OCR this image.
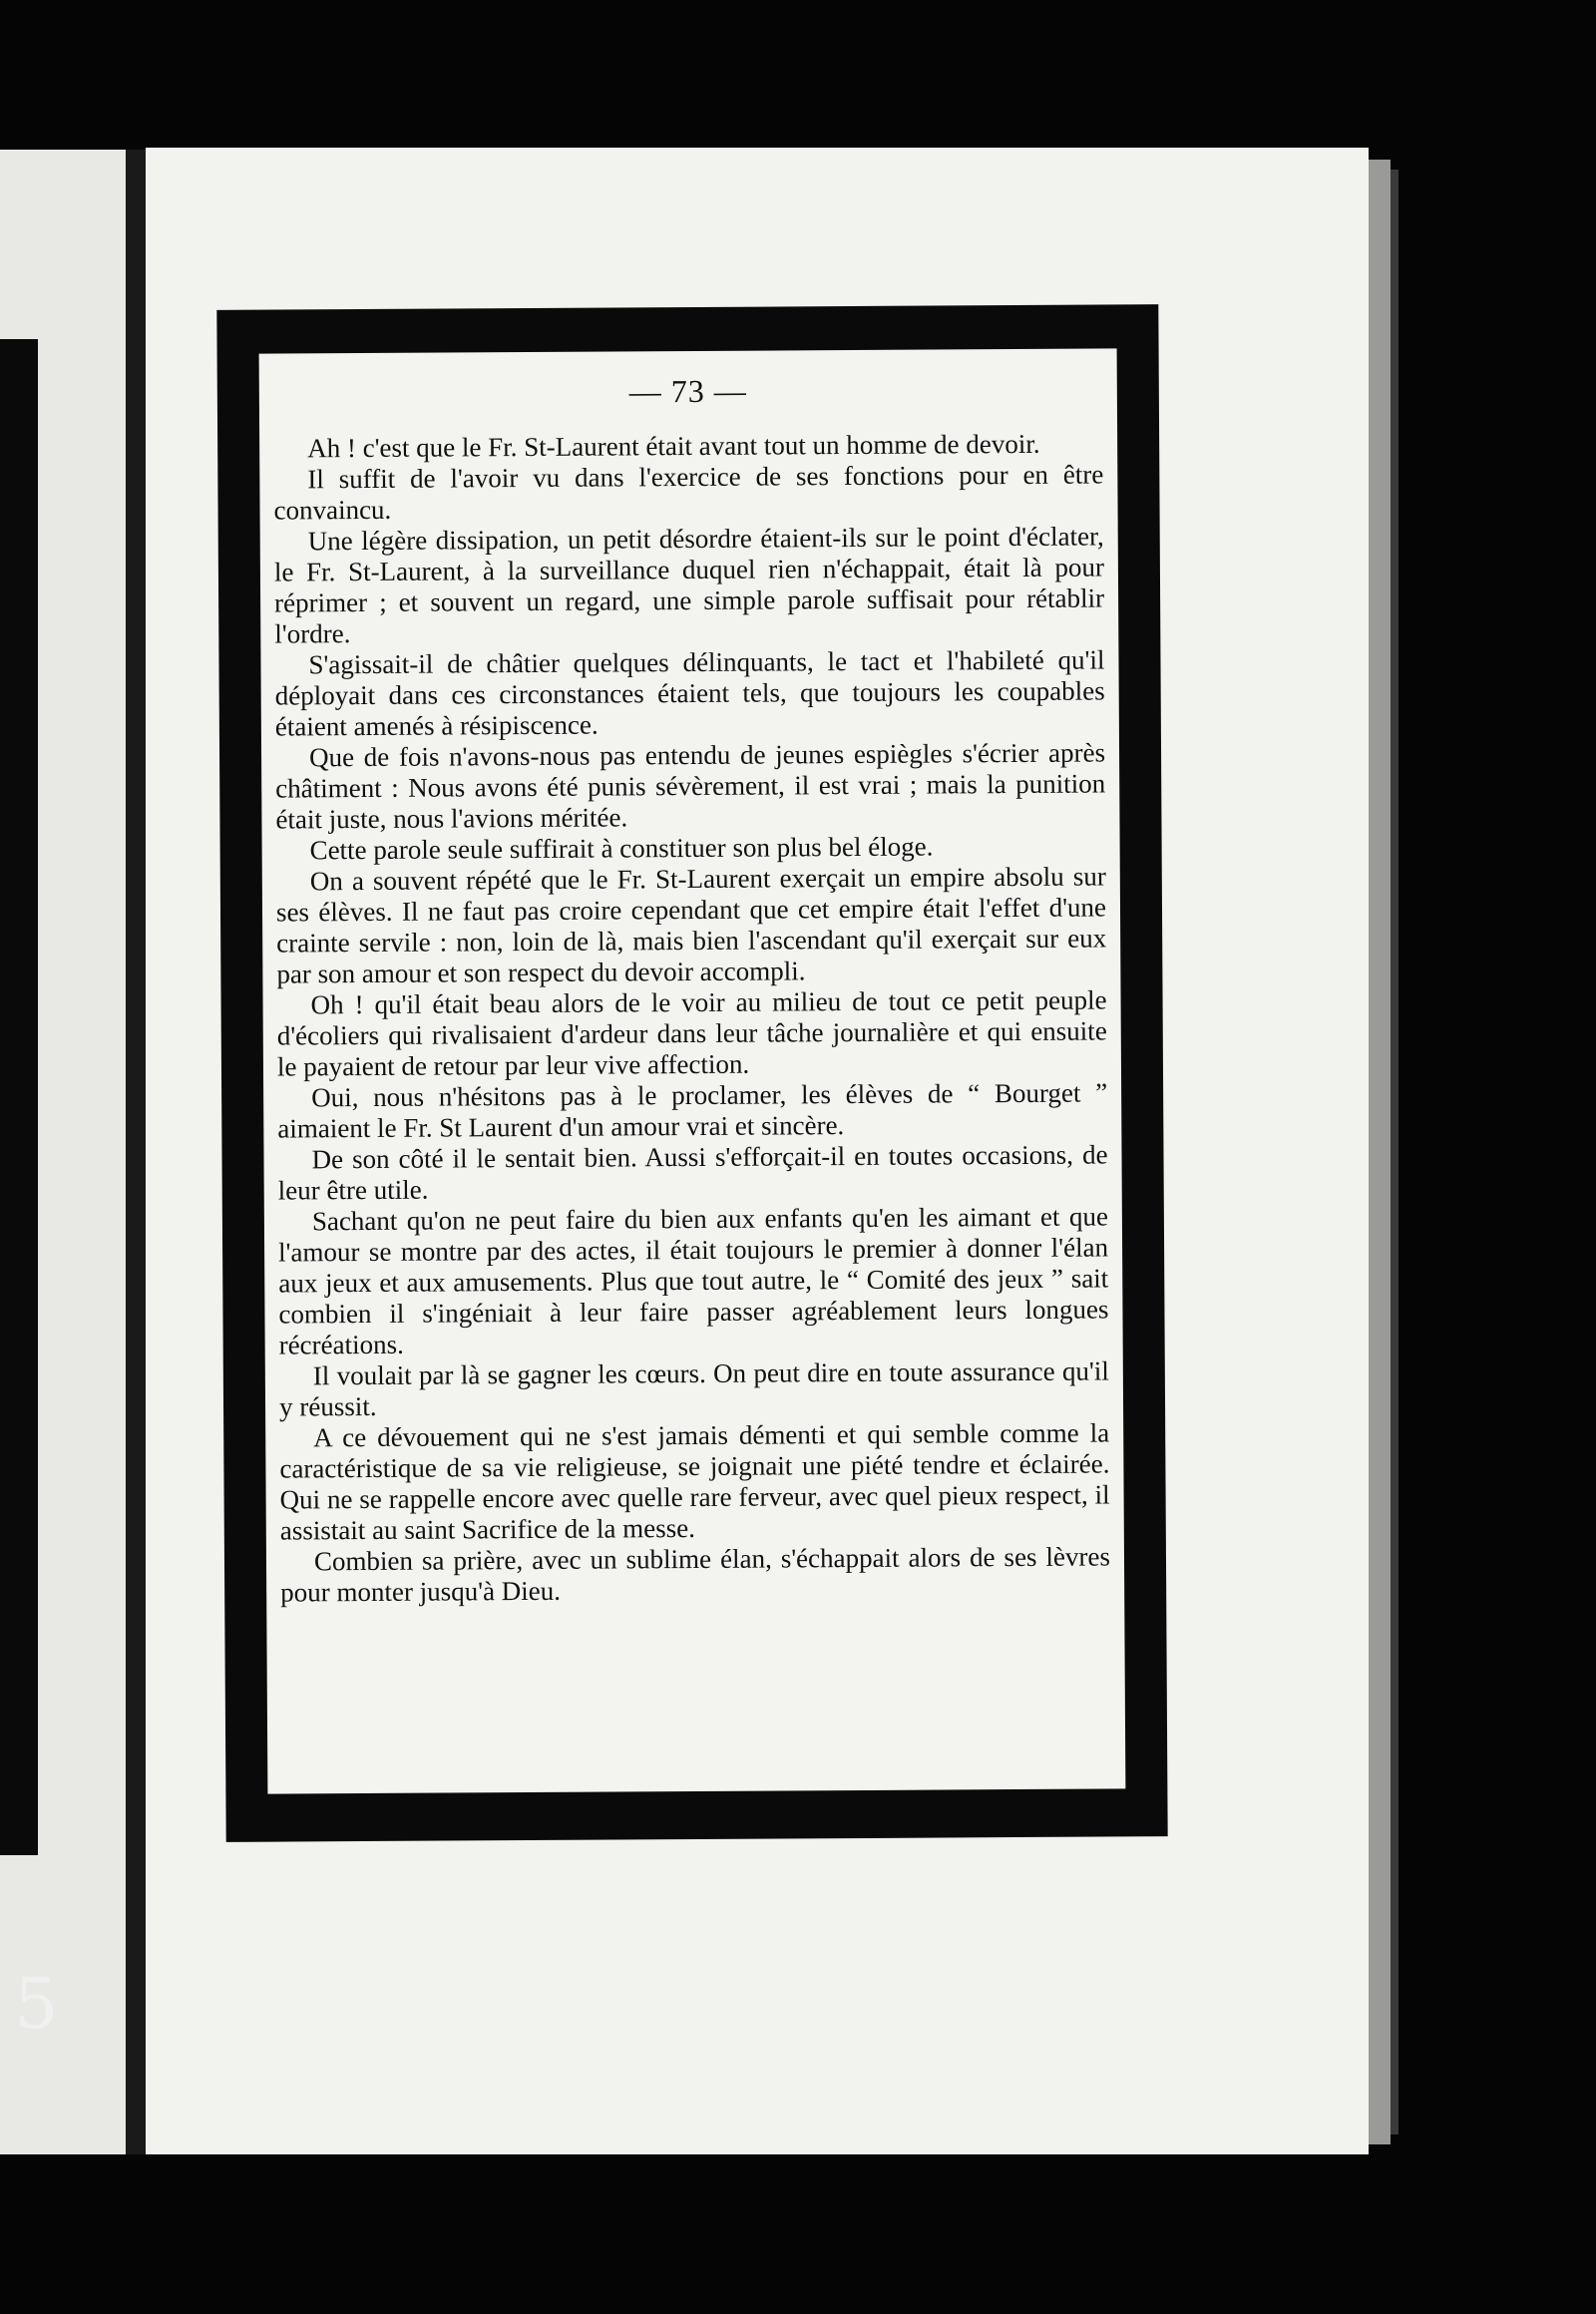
— 73 —

Ah ! c'est que le Fr. St-Laurent était avant tout un homme de devoir.

Il suffit de l'avoir vu dans l'exercice de ses fonctions pour en être convaincu.

Une légère dissipation, un petit désordre étaient-ils sur le point d'éclater, le Fr. St-Laurent, à la surveillance duquel rien n'échappait, était là pour réprimer ; et souvent un regard, une simple parole suffisait pour rétablir l'ordre.

S'agissait-il de châtier quelques délinquants, le tact et l'habileté qu'il déployait dans ces circonstances étaient tels, que toujours les coupables étaient amenés à résipiscence.

Que de fois n'avons-nous pas entendu de jeunes espiègles s'écrier après châtiment : Nous avons été punis sévèrement, il est vrai ; mais la punition était juste, nous l'avions méritée.

Cette parole seule suffirait à constituer son plus bel éloge.

On a souvent répété que le Fr. St-Laurent exerçait un empire absolu sur ses élèves. Il ne faut pas croire cependant que cet empire était l'effet d'une crainte servile : non, loin de là, mais bien l'ascendant qu'il exerçait sur eux par son amour et son respect du devoir accompli.

Oh ! qu'il était beau alors de le voir au milieu de tout ce petit peuple d'écoliers qui rivalisaient d'ardeur dans leur tâche journalière et qui ensuite le payaient de retour par leur vive affection.

Oui, nous n'hésitons pas à le proclamer, les élèves de “ Bourget ” aimaient le Fr. St Laurent d'un amour vrai et sincère.

De son côté il le sentait bien. Aussi s'efforçait-il en toutes occasions, de leur être utile.

Sachant qu'on ne peut faire du bien aux enfants qu'en les aimant et que l'amour se montre par des actes, il était toujours le premier à donner l'élan aux jeux et aux amusements. Plus que tout autre, le “ Comité des jeux ” sait combien il s'ingéniait à leur faire passer agréablement leurs longues récréations.

Il voulait par là se gagner les cœurs. On peut dire en toute assurance qu'il y réussit.

A ce dévouement qui ne s'est jamais démenti et qui semble comme la caractéristique de sa vie religieuse, se joignait une piété tendre et éclairée. Qui ne se rappelle encore avec quelle rare ferveur, avec quel pieux respect, il assistait au saint Sacrifice de la messe.

Combien sa prière, avec un sublime élan, s'échappait alors de ses lèvres pour monter jusqu'à Dieu.

5
